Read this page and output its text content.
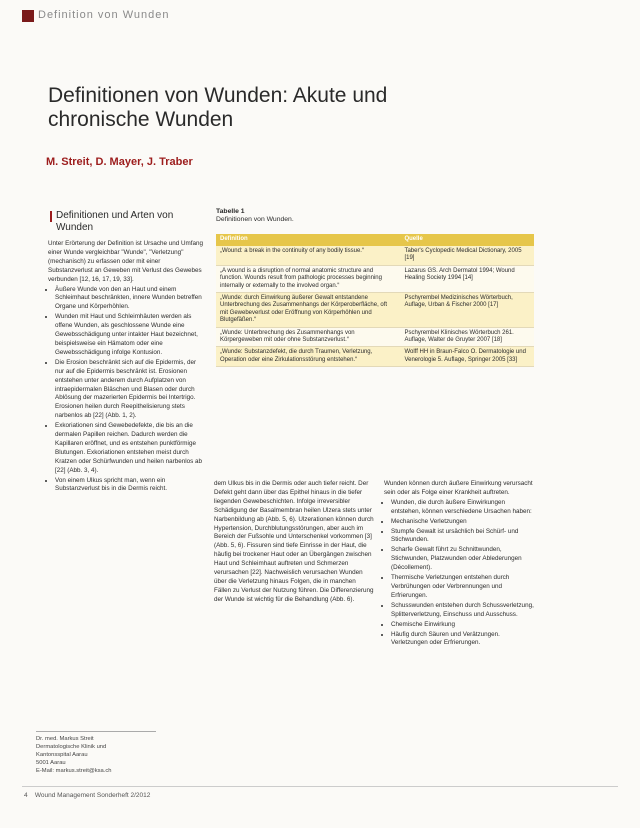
Definition von Wunden
Definitionen von Wunden: Akute und chronische Wunden
M. Streit, D. Mayer, J. Traber
Definitionen und Arten von Wunden

Unter Erörterung der Definition ist Ursache und Umfang einer Wunde vergleichbar "Wunde", "Verletzung" (mechanisch) zu erfassen oder mit einer Substanzverlust an Geweben mit Verlust des Gewebes verbunden [12, 16, 17, 19, 33].

• Äußere Wunde von den an Haut und einem Schleimhaut beschränkten, innere Wunden betreffen Organe und Körperhöhlen.
• Wunden mit Haut und Schleimhäuten werden als offene Wunden, als geschlossene Wunde eine Gewebsschädigung unter intakter Haut bezeichnet, beispielsweise ein Hämatom oder eine Gewebsschädigung infolge Kontusion.
• Die Erosion beschränkt sich auf die Epidermis, der nur auf die Epidermis beschränkt ist. Erosionen entstehen unter anderem durch Aufplatzen von intraepidermalen Bläschen und Blasen oder durch Ablösung der mazerierten Epidermis bei Intertrigo. Erosionen heilen durch Reepithelisierung stets narbenlos ab [22] (Abb. 1, 2).
• Exkoriationen sind Gewebedefekte, die bis an die dermalen Papillen reichen. Dadurch werden die Kapillaren eröffnet, und es entstehen punktförmige Blutungen. Exkoriationen entstehen meist durch Kratzen oder Schürfwunden und heilen narbenlos ab [22] (Abb. 3, 4).
• Von einem Ulkus spricht man, wenn ein Substanzverlust bis in die Dermis reicht.
Tabelle 1
Definitionen von Wunden.
Definition	Quelle
„Wound: a break in the continuity of any bodily tissue.“	Taber's Cyclopedic Medical Dictionary, 2005 [19]
„A wound is a disruption of normal anatomic structure and function. Wounds result from pathologic processes beginning internally or externally to the involved organ.“	Lazarus GS. Arch Dermatol 1994; Wound Healing Society 1994 [14]
„Wunde: durch Einwirkung äußerer Gewalt entstandene Unterbrechung des Zusammenhangs der Körperoberfläche, oft mit Gewebeverlust oder Eröffnung von Körperhöhlen und Blutgefäßen.“	Pschyrembel Medizinisches Wörterbuch, Auflage, Urban & Fischer 2000 [17]
„Wunde: Unterbrechung des Zusammenhangs von Körpergeweben mit oder ohne Substanzverlust.“	Pschyrembel Klinisches Wörterbuch 261. Auflage, Walter de Gruyter 2007 [18]
„Wunde: Substanzdefekt, die durch Traumen, Verletzung, Operation oder eine Zirkulationsstörung entstehen.“	Wolff HH in Braun-Falco O. Dermatologie und Venerologie 5. Auflage, Springer 2005 [33]

dem Ulkus bis in die Dermis oder auch tiefer reicht. Der Defekt geht dann über das Epithel hinaus in die tiefer liegenden Gewebeschichten. Infolge irreversibler Schädigung der Basalmembran heilen Ulzera stets unter Narbenbildung ab (Abb. 5, 6). Ulzerationen können durch Hypertension, Durchblutungsstörungen, aber auch im Bereich der Fußsohle und Unterschenkel vorkommen [3] (Abb. 5, 6). Fissuren sind tiefe Einrisse in der Haut, die häufig bei trockener Haut oder an Übergängen zwischen Haut und Schleimhaut auftreten und Schmerzen verursachen [22]. Nachweislich verursachen Wunden über die Verletzung hinaus Folgen, die in manchen Fällen zu Verlust der Nutzung führen. Die Differenzierung der Wunde ist wichtig für die Behandlung (Abb. 6).

Wunden können durch äußere Einwirkung verursacht sein oder als Folge einer Krankheit auftreten.

• Wunden, die durch äußere Einwirkungen entstehen, können verschiedene Ursachen haben:
• Mechanische Verletzungen
• Stumpfe Gewalt ist ursächlich bei Schürf- und Stichwunden.
• Scharfe Gewalt führt zu Schnittwunden, Stichwunden, Platzwunden oder Ablederungen (Décollement).
• Thermische Verletzungen entstehen durch Verbrühungen oder Verbrennungen und Erfrierungen.
• Schusswunden entstehen durch Schussverletzung, Splitterverletzung, Einschuss und Ausschuss.
• Chemische Einwirkung
• Häufig durch Säuren und Verätzungen. Verletzungen oder Erfrierungen.
Dr. med. Markus Streit
Dermatologische Klinik und
Kantonsspital Aarau
5001 Aarau
E-Mail: markus.streit@ksa.ch
4 Wound Management Sonderheft 2/2012
